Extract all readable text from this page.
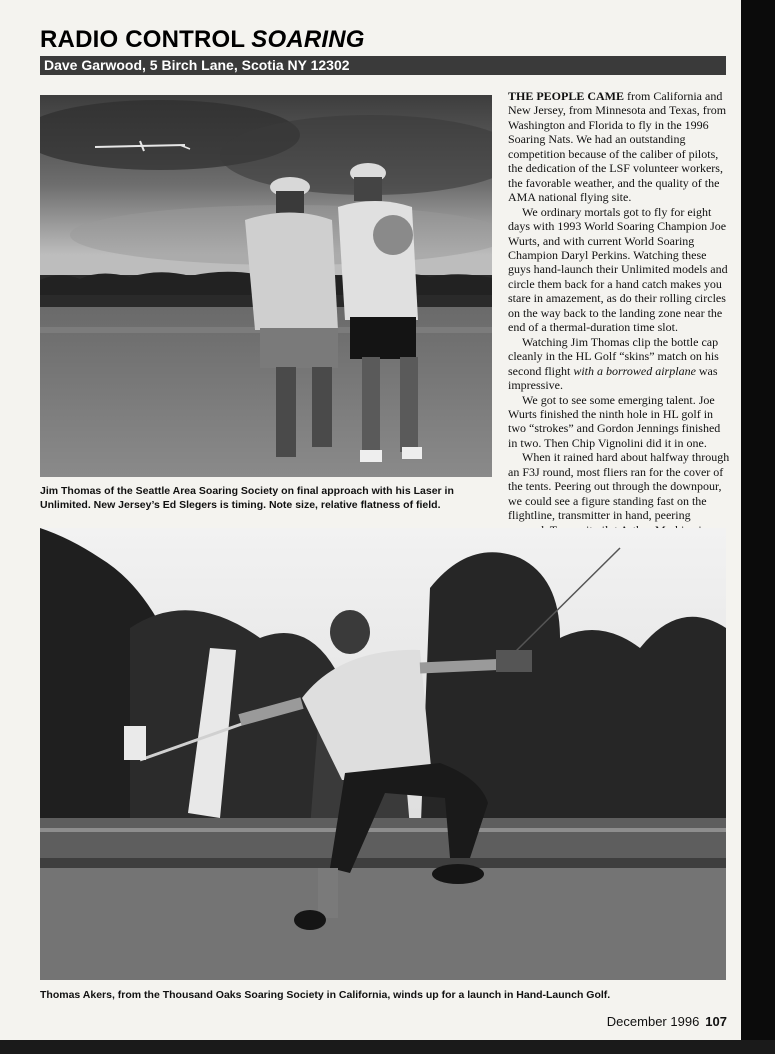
RADIO CONTROL SOARING
Dave Garwood, 5 Birch Lane, Scotia NY 12302
Jim Thomas of the Seattle Area Soaring Society on final approach with his Laser in Unlimited. New Jersey’s Ed Slegers is timing. Note size, relative flatness of field.

THE PEOPLE CAME from California and New Jersey, from Minnesota and Texas, from Washington and Florida to fly in the 1996 Soaring Nats. We had an outstanding competition because of the caliber of pilots, the dedication of the LSF volunteer workers, the favorable weather, and the quality of the AMA national flying site.

We ordinary mortals got to fly for eight days with 1993 World Soaring Champion Joe Wurts, and with current World Soaring Champion Daryl Perkins. Watching these guys hand-launch their Unlimited models and circle them back for a hand catch makes you stare in amazement, as do their rolling circles on the way back to the landing zone near the end of a thermal-duration time slot.

Watching Jim Thomas clip the bottle cap cleanly in the HL Golf “skins” match on his second flight with a borrowed airplane was impressive.

We got to see some emerging talent. Joe Wurts finished the ninth hole in HL golf in two “strokes” and Gordon Jennings finished in two. Then Chip Vignolini did it in one.

When it rained hard about halfway through an F3J round, most fliers ran for the cover of the tents. Peering out through the downpour, we could see a figure standing fast on the flightline, transmitter in hand, peering

Thomas Akers, from the Thousand Oaks Soaring Society in California, winds up for a launch in Hand-Launch Golf.
December 1996 107
